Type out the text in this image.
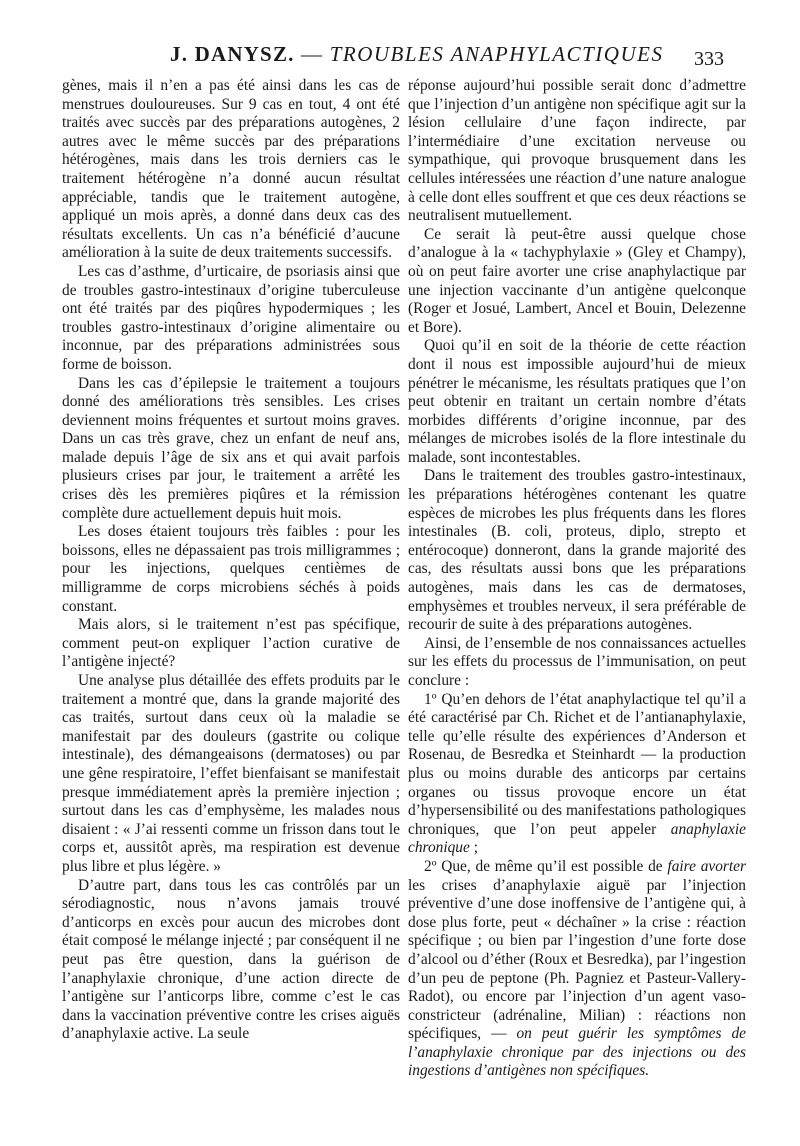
J. DANYSZ. — TROUBLES ANAPHYLACTIQUES 333

gènes, mais il n’en a pas été ainsi dans les cas de menstrues douloureuses. Sur 9 cas en tout, 4 ont été traités avec succès par des préparations autogènes, 2 autres avec le même succès par des préparations hétérogènes, mais dans les trois derniers cas le traitement hétérogène n’a donné aucun résultat appréciable, tandis que le traitement autogène, appliqué un mois après, a donné dans deux cas des résultats excellents. Un cas n’a bénéficié d’aucune amélioration à la suite de deux traitements successifs.

Les cas d’asthme, d’urticaire, de psoriasis ainsi que de troubles gastro-intestinaux d’origine tuberculeuse ont été traités par des piqûres hypodermiques ; les troubles gastro-intestinaux d’origine alimentaire ou inconnue, par des préparations administrées sous forme de boisson.

Dans les cas d’épilepsie le traitement a toujours donné des améliorations très sensibles. Les crises deviennent moins fréquentes et surtout moins graves. Dans un cas très grave, chez un enfant de neuf ans, malade depuis l’âge de six ans et qui avait parfois plusieurs crises par jour, le traitement a arrêté les crises dès les premières piqûres et la rémission complète dure actuellement depuis huit mois.

Les doses étaient toujours très faibles : pour les boissons, elles ne dépassaient pas trois milligrammes ; pour les injections, quelques centièmes de milligramme de corps microbiens séchés à poids constant.

Mais alors, si le traitement n’est pas spécifique, comment peut-on expliquer l’action curative de l’antigène injecté?

Une analyse plus détaillée des effets produits par le traitement a montré que, dans la grande majorité des cas traités, surtout dans ceux où la maladie se manifestait par des douleurs (gastrite ou colique intestinale), des démangeaisons (dermatoses) ou par une gêne respiratoire, l’effet bienfaisant se manifestait presque immédiatement après la première injection ; surtout dans les cas d’emphysème, les malades nous disaient : « J’ai ressenti comme un frisson dans tout le corps et, aussitôt après, ma respiration est devenue plus libre et plus légère. »

D’autre part, dans tous les cas contrôlés par un sérodiagnostic, nous n’avons jamais trouvé d’anticorps en excès pour aucun des microbes dont était composé le mélange injecté ; par conséquent il ne peut pas être question, dans la guérison de l’anaphylaxie chronique, d’une action directe de l’antigène sur l’anticorps libre, comme c’est le cas dans la vaccination préventive contre les crises aiguës d’anaphylaxie active. La seule

réponse aujourd’hui possible serait donc d’admettre que l’injection d’un antigène non spécifique agit sur la lésion cellulaire d’une façon indirecte, par l’intermédiaire d’une excitation nerveuse ou sympathique, qui provoque brusquement dans les cellules intéressées une réaction d’une nature analogue à celle dont elles souffrent et que ces deux réactions se neutralisent mutuellement.

Ce serait là peut-être aussi quelque chose d’analogue à la « tachyphylaxie » (Gley et Champy), où on peut faire avorter une crise anaphylactique par une injection vaccinante d’un antigène quelconque (Roger et Josué, Lambert, Ancel et Bouin, Delezenne et Bore).

Quoi qu’il en soit de la théorie de cette réaction dont il nous est impossible aujourd’hui de mieux pénétrer le mécanisme, les résultats pratiques que l’on peut obtenir en traitant un certain nombre d’états morbides différents d’origine inconnue, par des mélanges de microbes isolés de la flore intestinale du malade, sont incontestables.

Dans le traitement des troubles gastro-intestinaux, les préparations hétérogènes contenant les quatre espèces de microbes les plus fréquents dans les flores intestinales (B. coli, proteus, diplo, strepto et entérocoque) donneront, dans la grande majorité des cas, des résultats aussi bons que les préparations autogènes, mais dans les cas de dermatoses, emphysèmes et troubles nerveux, il sera préférable de recourir de suite à des préparations autogènes.

Ainsi, de l’ensemble de nos connaissances actuelles sur les effets du processus de l’immunisation, on peut conclure :

1º Qu’en dehors de l’état anaphylactique tel qu’il a été caractérisé par Ch. Richet et de l’antianaphylaxie, telle qu’elle résulte des expériences d’Anderson et Rosenau, de Besredka et Steinhardt — la production plus ou moins durable des anticorps par certains organes ou tissus provoque encore un état d’hypersensibilité ou des manifestations pathologiques chroniques, que l’on peut appeler anaphylaxie chronique ;

2º Que, de même qu’il est possible de faire avorter les crises d’anaphylaxie aiguë par l’injection préventive d’une dose inoffensive de l’antigène qui, à dose plus forte, peut « déchaîner » la crise : réaction spécifique ; ou bien par l’ingestion d’une forte dose d’alcool ou d’éther (Roux et Besredka), par l’ingestion d’un peu de peptone (Ph. Pagniez et Pasteur-Vallery-Radot), ou encore par l’injection d’un agent vaso-constricteur (adrénaline, Milian) : réactions non spécifiques, — on peut guérir les symptômes de l’anaphylaxie chronique par des injections ou des ingestions d’antigènes non spécifiques.
